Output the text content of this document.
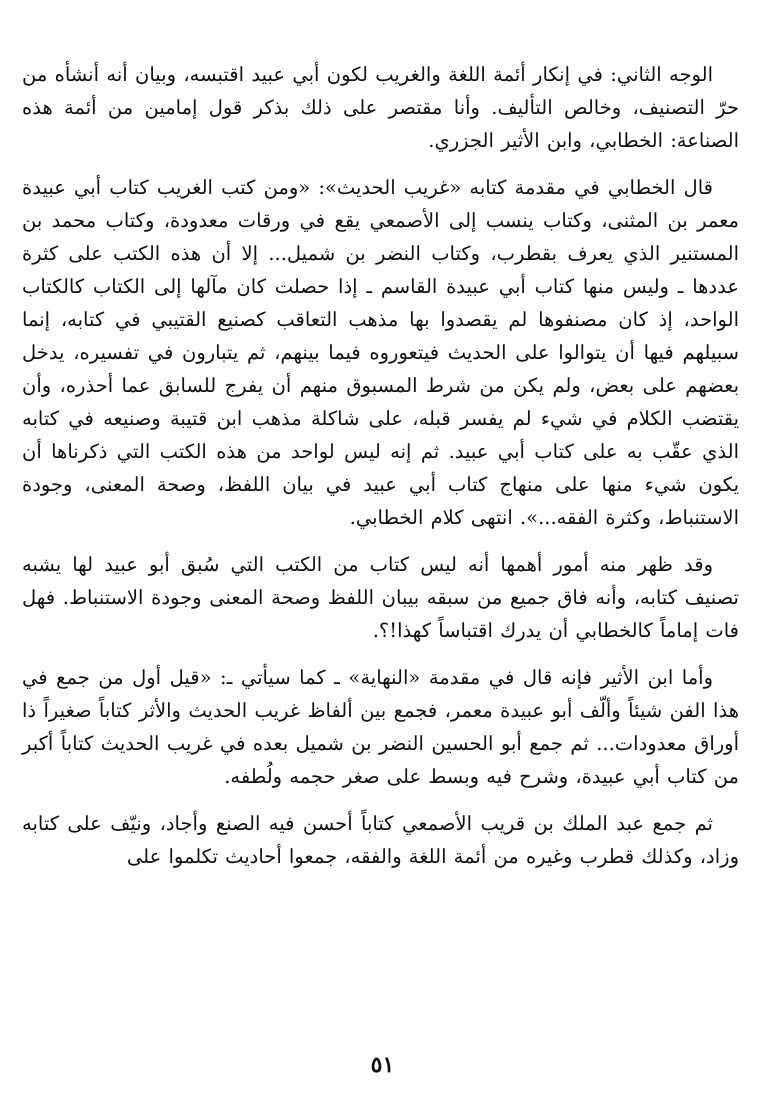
الوجه الثاني: في إنكار أئمة اللغة والغريب لكون أبي عبيد اقتبسه، وبيان أنه أنشأه من حرّ التصنيف، وخالص التأليف. وأنا مقتصر على ذلك بذكر قول إمامين من أئمة هذه الصناعة: الخطابي، وابن الأثير الجزري.

قال الخطابي في مقدمة كتابه «غريب الحديث»: «ومن كتب الغريب كتاب أبي عبيدة معمر بن المثنى، وكتاب ينسب إلى الأصمعي يقع في ورقات معدودة، وكتاب محمد بن المستنير الذي يعرف بقطرب، وكتاب النضر بن شميل... إلا أن هذه الكتب على كثرة عددها ـ وليس منها كتاب أبي عبيدة القاسم ـ إذا حصلت كان مآلها إلى الكتاب كالكتاب الواحد، إذ كان مصنفوها لم يقصدوا بها مذهب التعاقب كصنيع القتيبي في كتابه، إنما سبيلهم فيها أن يتوالوا على الحديث فيتعوروه فيما بينهم، ثم يتبارون في تفسيره، يدخل بعضهم على بعض، ولم يكن من شرط المسبوق منهم أن يفرج للسابق عما أحذره، وأن يقتضب الكلام في شيء لم يفسر قبله، على شاكلة مذهب ابن قتيبة وصنيعه في كتابه الذي عقّب به على كتاب أبي عبيد. ثم إنه ليس لواحد من هذه الكتب التي ذكرناها أن يكون شيء منها على منهاج كتاب أبي عبيد في بيان اللفظ، وصحة المعنى، وجودة الاستنباط، وكثرة الفقه...». انتهى كلام الخطابي.

وقد ظهر منه أمور أهمها أنه ليس كتاب من الكتب التي سُبق أبو عبيد لها يشبه تصنيف كتابه، وأنه فاق جميع من سبقه بيبان اللفظ وصحة المعنى وجودة الاستنباط. فهل فات إماماً كالخطابي أن يدرك اقتباساً كهذا!؟.

وأما ابن الأثير فإنه قال في مقدمة «النهاية» ـ كما سيأتي ـ: «قيل أول من جمع في هذا الفن شيئاً وألّف أبو عبيدة معمر، فجمع بين ألفاظ غريب الحديث والأثر كتاباً صغيراً ذا أوراق معدودات... ثم جمع أبو الحسين النضر بن شميل بعده في غريب الحديث كتاباً أكبر من كتاب أبي عبيدة، وشرح فيه وبسط على صغر حجمه ولُطفه.

ثم جمع عبد الملك بن قريب الأصمعي كتاباً أحسن فيه الصنع وأجاد، ونيّف على كتابه وزاد، وكذلك قطرب وغيره من أئمة اللغة والفقه، جمعوا أحاديث تكلموا على

٥١
